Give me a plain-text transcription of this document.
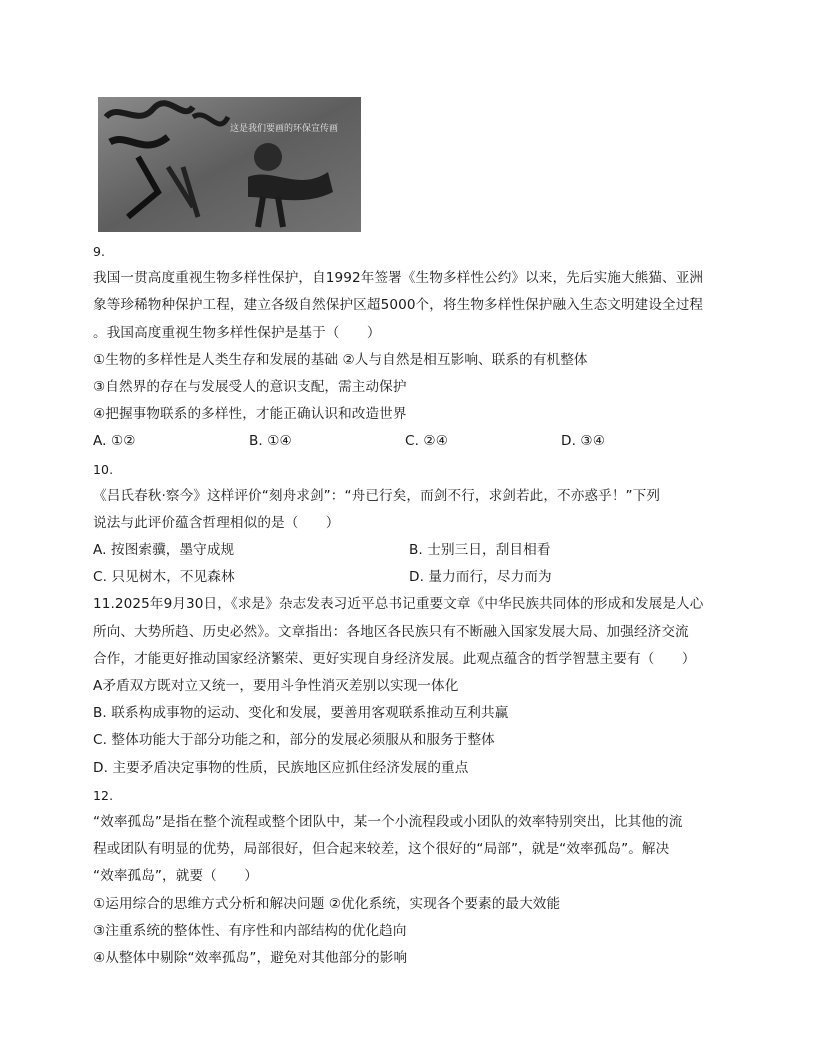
这是我们要画的环保宣传画
9.
我国一贯高度重视生物多样性保护，自1992年签署《生物多样性公约》以来，先后实施大熊猫、亚洲
象等珍稀物种保护工程，建立各级自然保护区超5000个，将生物多样性保护融入生态文明建设全过程
。我国高度重视生物多样性保护是基于（　　）
①生物的多样性是人类生存和发展的基础 ②人与自然是相互影响、联系的有机整体
③自然界的存在与发展受人的意识支配，需主动保护
④把握事物联系的多样性，才能正确认识和改造世界
A. ①②	B. ①④	C. ②④	D. ③④
10.
《吕氏春秋·察今》这样评价“刻舟求剑”：“舟已行矣，而剑不行，求剑若此，不亦惑乎！”下列
说法与此评价蕴含哲理相似的是（　　）
A. 按图索骥，墨守成规	B. 士别三日，刮目相看
C. 只见树木，不见森林	D. 量力而行，尽力而为
11.2025年9月30日，《求是》杂志发表习近平总书记重要文章《中华民族共同体的形成和发展是人心
所向、大势所趋、历史必然》。文章指出：各地区各民族只有不断融入国家发展大局、加强经济交流
合作，才能更好推动国家经济繁荣、更好实现自身经济发展。此观点蕴含的哲学智慧主要有（　　）
A矛盾双方既对立又统一，要用斗争性消灭差别以实现一体化
B. 联系构成事物的运动、变化和发展，要善用客观联系推动互利共赢
C. 整体功能大于部分功能之和，部分的发展必须服从和服务于整体
D. 主要矛盾决定事物的性质，民族地区应抓住经济发展的重点
12.
“效率孤岛”是指在整个流程或整个团队中，某一个小流程段或小团队的效率特别突出，比其他的流
程或团队有明显的优势，局部很好，但合起来较差，这个很好的“局部”，就是“效率孤岛”。解决
“效率孤岛”，就要（　　）
①运用综合的思维方式分析和解决问题 ②优化系统，实现各个要素的最大效能
③注重系统的整体性、有序性和内部结构的优化趋向
④从整体中剔除“效率孤岛”，避免对其他部分的影响
